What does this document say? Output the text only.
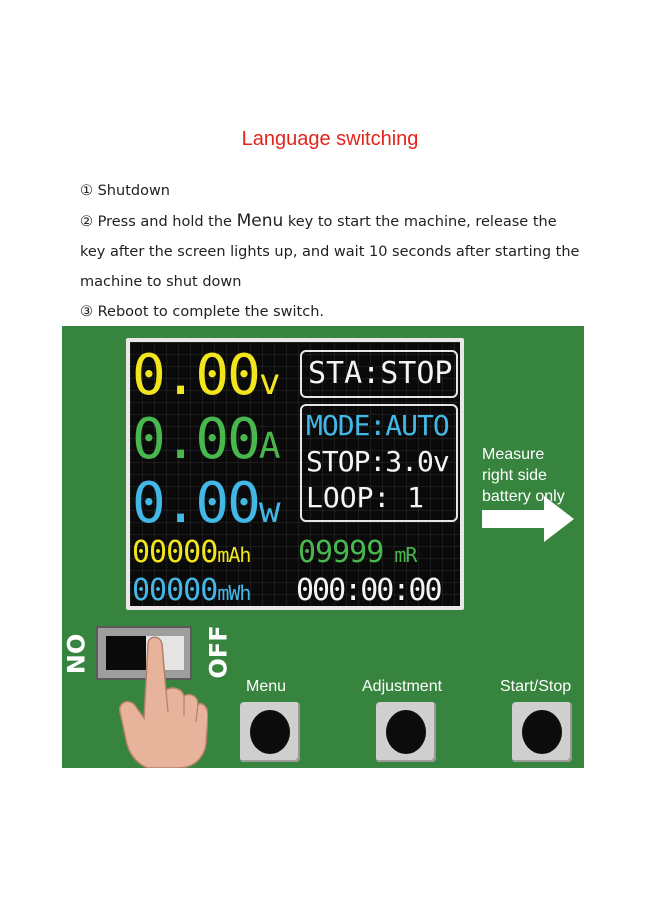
Language switching

① Shutdown

② Press and hold the Menu key to start the machine, release the

key after the screen lights up, and wait 10 seconds after starting the

machine to shut down

③ Reboot to complete the switch.

0.00v
0.00A
0.00w
STA:STOP
MODE:AUTO
STOP:3.0v
LOOP: 1
00000mAh 09999 mR
00000mWh 000:00:00
Measure
right side
battery only
NO	OFF
Menu	Adjustment	Start/Stop
